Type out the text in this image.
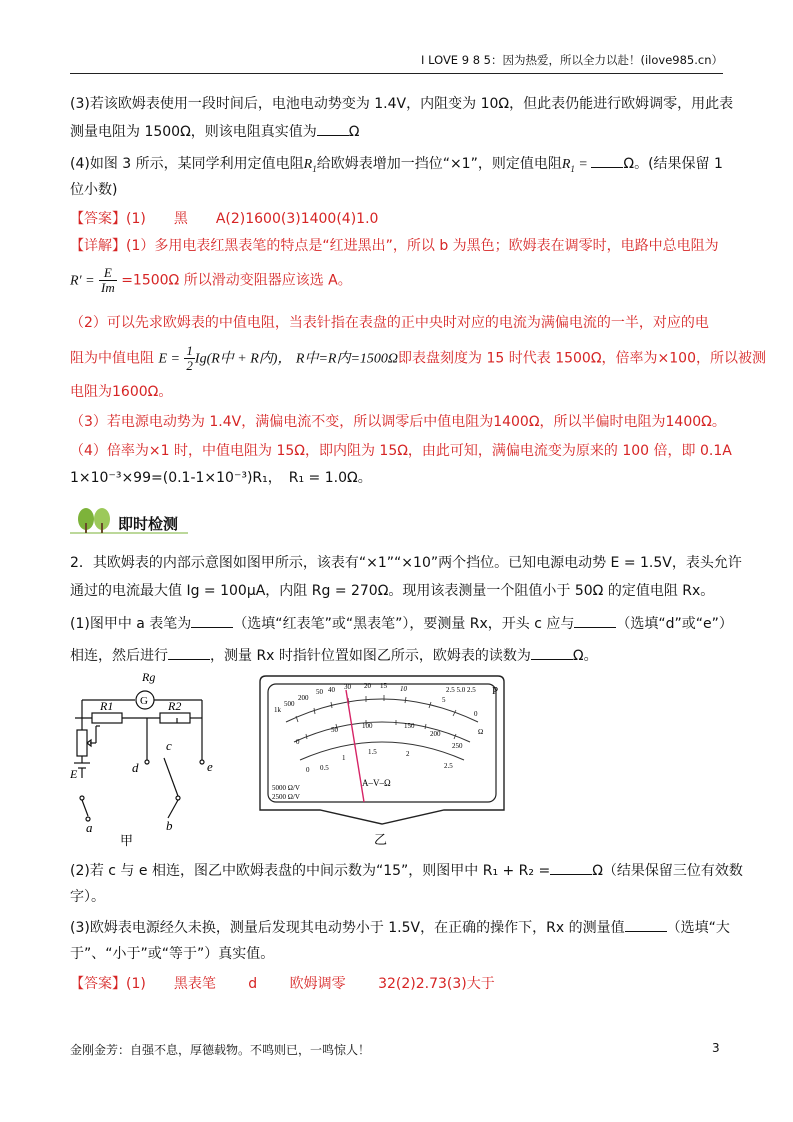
I LOVE 9 8 5：因为热爱，所以全力以赴！(ilove985.cn）
(3)若该欧姆表使用一段时间后，电池电动势变为 1.4V，内阻变为 10Ω，但此表仍能进行欧姆调零，用此表
测量电阻为 1500Ω，则该电阻真实值为 Ω
(4)如图 3 所示，某同学利用定值电阻$R_1$给欧姆表增加一挡位“×1”，则定值电阻$R_1 = \Omega$。(结果保留 1
位小数)
【答案】(1)　　黑　　A(2)1600(3)1400(4)1.0
【详解】(1）多用电表红黑表笔的特点是“红进黑出”，所以 b 为黑色；欧姆表在调零时，电路中总电阻为
$R' = \frac{E}{Im} =1500\Omega$ 所以滑动变阻器应该选 A。
（2）可以先求欧姆表的中值电阻，当表针指在表盘的正中央时对应的电流为满偏电流的一半，对应的电
阻为中值电阻 $E = \frac{1}{2} Ig(R$中 + R内)， R中=R内=1500Ω即表盘刻度为 15 时代表 1500Ω，倍率为×100，所以被测
电阻为1600Ω。
（3）若电源电动势为 1.4V，满偏电流不变，所以调零后中值电阻为1400Ω，所以半偏时电阻为1400Ω。
（4）倍率为×1 时，中值电阻为 15Ω，即内阻为 15Ω，由此可知，满偏电流变为原来的 100 倍，即 0.1A
1×10⁻³×99=(0.1-1×10⁻³)R₁，　R₁ = 1.0Ω。
即时检测
2．其欧姆表的内部示意图如图甲所示，该表有“×1”“×10”两个挡位。已知电源电动势 E = 1.5V，表头允许
通过的电流最大值 Ig = 100μA，内阻 Rg = 270Ω。现用该表测量一个阻值小于 50Ω 的定值电阻 Rx。
(1)图甲中 a 表笔为	（选填“红表笔”或“黑表笔”），要测量 Rx，开头 c 应与	（选填“d”或“e”）
相连，然后进行	，测量 Rx 时指针位置如图乙所示，欧姆表的读数为	Ω。
Rg
G
R1	R2
E	d	e
c
a	b
甲
1k
500
200
50 40 30 20 15 10
5
0
2.5 5.0 2.5 P
Ω
0
50	100	150
200
250
0 0.5
1
1.5	2
2.5
A–V–Ω
5000 Ω/V
2500 Ω/V
乙
(2)若 c 与 e 相连，图乙中欧姆表盘的中间示数为“15”，则图甲中 R₁ + R₂ =	Ω（结果保留三位有效数
字）。
(3)欧姆表电源经久未换，测量后发现其电动势小于 1.5V，在正确的操作下，Rx 的测量值	（选填“大
于”、“小于”或“等于”）真实值。
【答案】(1)　　黑表笔　　 d　　 欧姆调零　　 32(2)2.73(3)大于
金刚金芳：自强不息，厚德载物。不鸣则已，一鸣惊人！	3
